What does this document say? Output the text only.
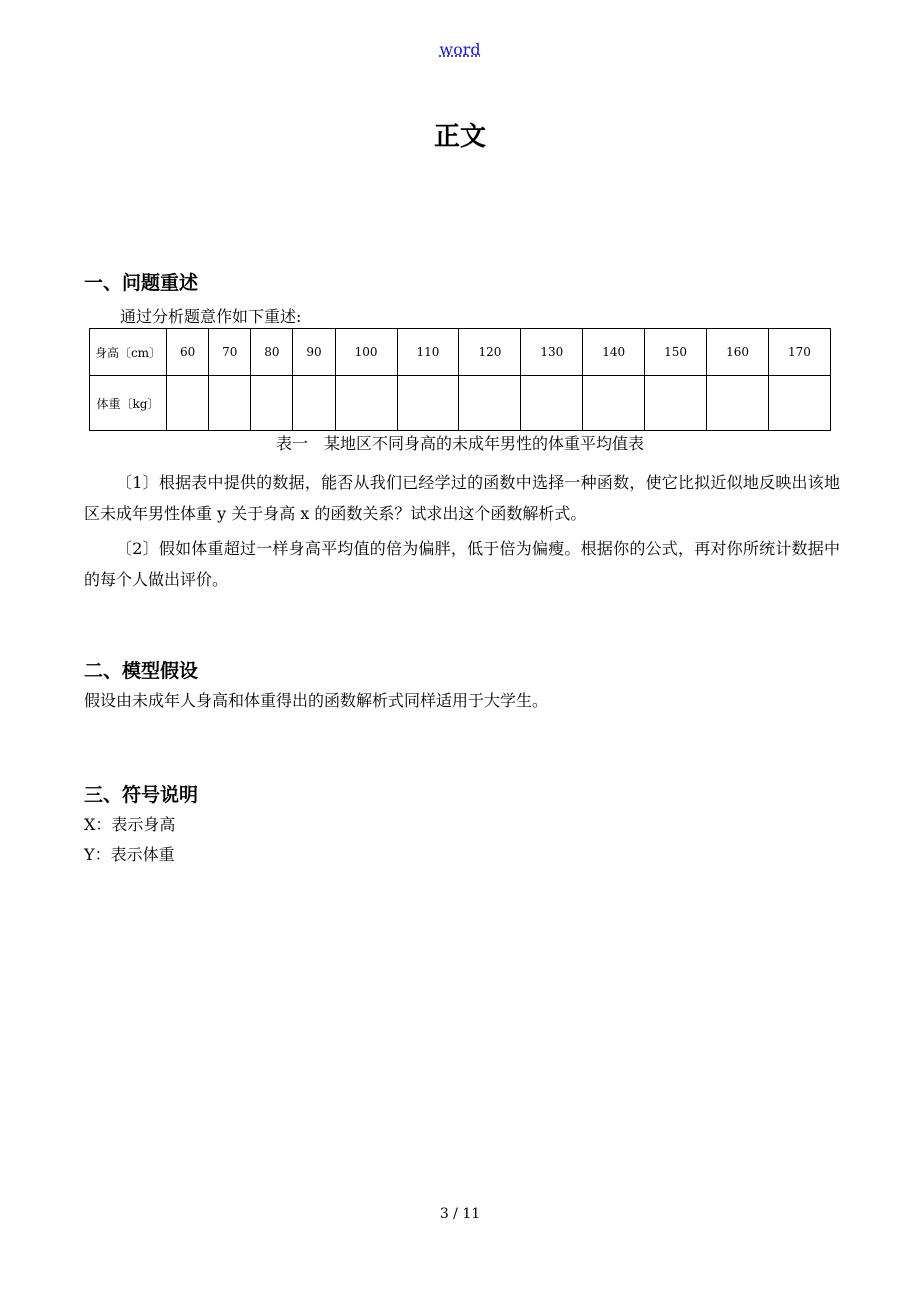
word
正文
一、问题重述
通过分析题意作如下重述:
身高〔cm〕	60	70	80	90	100	110	120	130	140	150	160	170
体重〔kg〕												
表一　某地区不同身高的未成年男性的体重平均值表
〔1〕根据表中提供的数据，能否从我们已经学过的函数中选择一种函数，使它比拟近似地反映出该地区未成年男性体重 y 关于身高 x 的函数关系？试求出这个函数解析式。
〔2〕假如体重超过一样身高平均值的倍为偏胖，低于倍为偏瘦。根据你的公式，再对你所统计数据中的每个人做出评价。
二、模型假设
假设由未成年人身高和体重得出的函数解析式同样适用于大学生。
三、符号说明
X：表示身高
Y：表示体重
3 / 11
